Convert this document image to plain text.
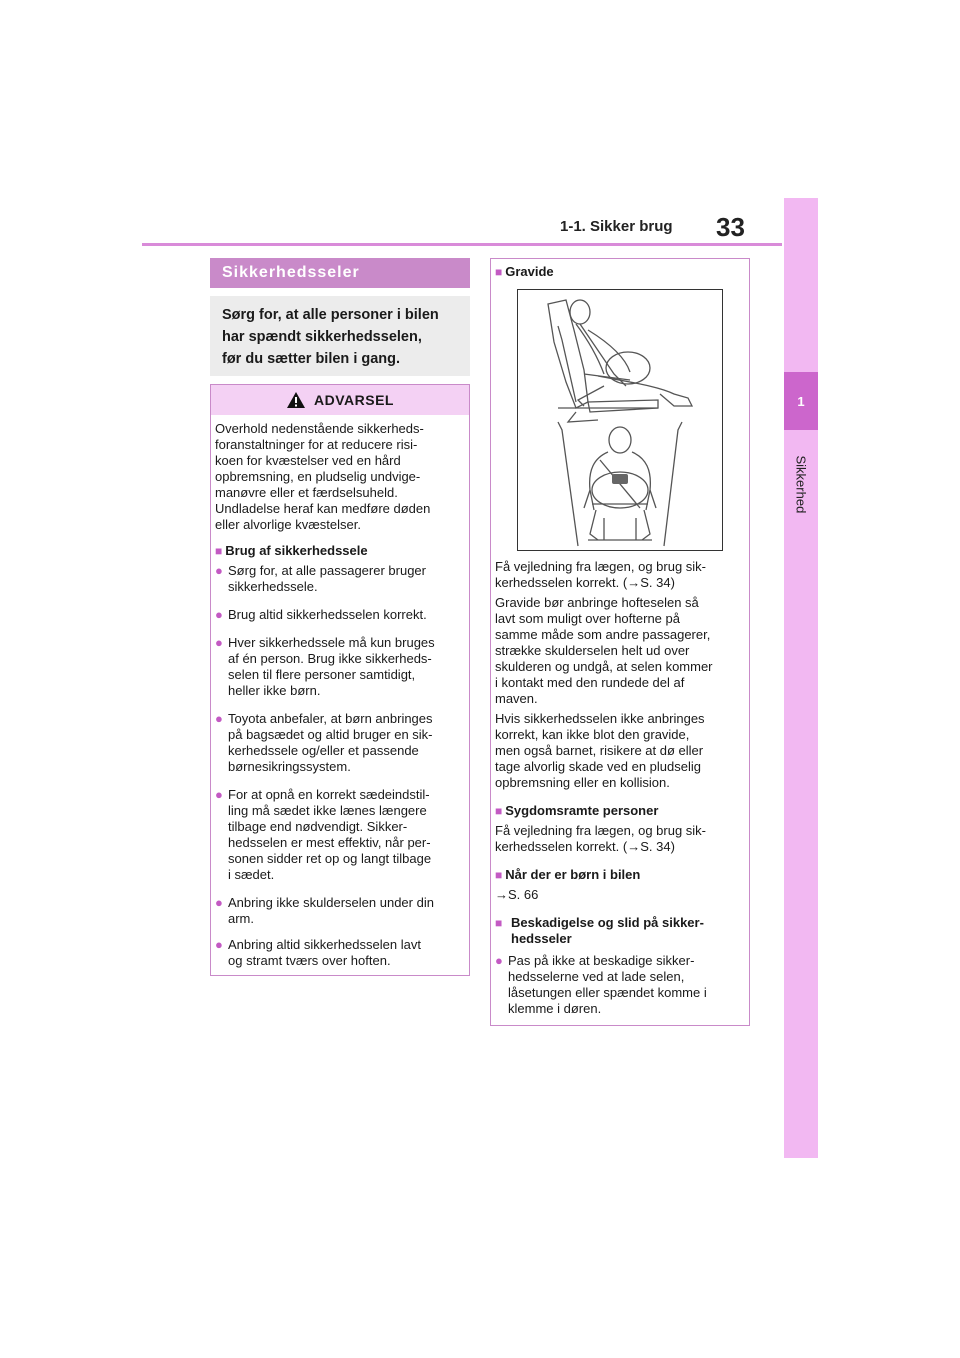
1-1. Sikker brug 33
1
Sikkerhed
Sikkerhedsseler
Sørg for, at alle personer i bilen
har spændt sikkerhedsselen,
før du sætter bilen i gang.
ADVARSEL
Overhold nedenstående sikkerheds-
foranstaltninger for at reducere risi-
koen for kvæstelser ved en hård
opbremsning, en pludselig undvige-
manøvre eller et færdselsuheld.
Undladelse heraf kan medføre døden
eller alvorlige kvæstelser.
■ Brug af sikkerhedssele
● Sørg for, at alle passagerer bruger
sikkerhedssele.
● Brug altid sikkerhedsselen korrekt.
● Hver sikkerhedssele må kun bruges
af én person. Brug ikke sikkerheds-
selen til flere personer samtidigt,
heller ikke børn.
● Toyota anbefaler, at børn anbringes
på bagsædet og altid bruger en sik-
kerhedssele og/eller et passende
børnesikringssystem.
● For at opnå en korrekt sædeindstil-
ling må sædet ikke lænes længere
tilbage end nødvendigt. Sikker-
hedsselen er mest effektiv, når per-
sonen sidder ret op og langt tilbage
i sædet.
● Anbring ikke skulderselen under din
arm.
● Anbring altid sikkerhedsselen lavt
og stramt tværs over hoften.
■ Gravide
Få vejledning fra lægen, og brug sik-
kerhedsselen korrekt. (→S. 34)
Gravide bør anbringe hofteselen så
lavt som muligt over hofterne på
samme måde som andre passagerer,
strække skulderselen helt ud over
skulderen og undgå, at selen kommer
i kontakt med den rundede del af
maven.
Hvis sikkerhedsselen ikke anbringes
korrekt, kan ikke blot den gravide,
men også barnet, risikere at dø eller
tage alvorlig skade ved en pludselig
opbremsning eller en kollision.
■ Sygdomsramte personer
Få vejledning fra lægen, og brug sik-
kerhedsselen korrekt. (→S. 34)
■ Når der er børn i bilen
→S. 66
■ Beskadigelse og slid på sikker-
hedsseler
● Pas på ikke at beskadige sikker-
hedsselerne ved at lade selen,
låsetungen eller spændet komme i
klemme i døren.
